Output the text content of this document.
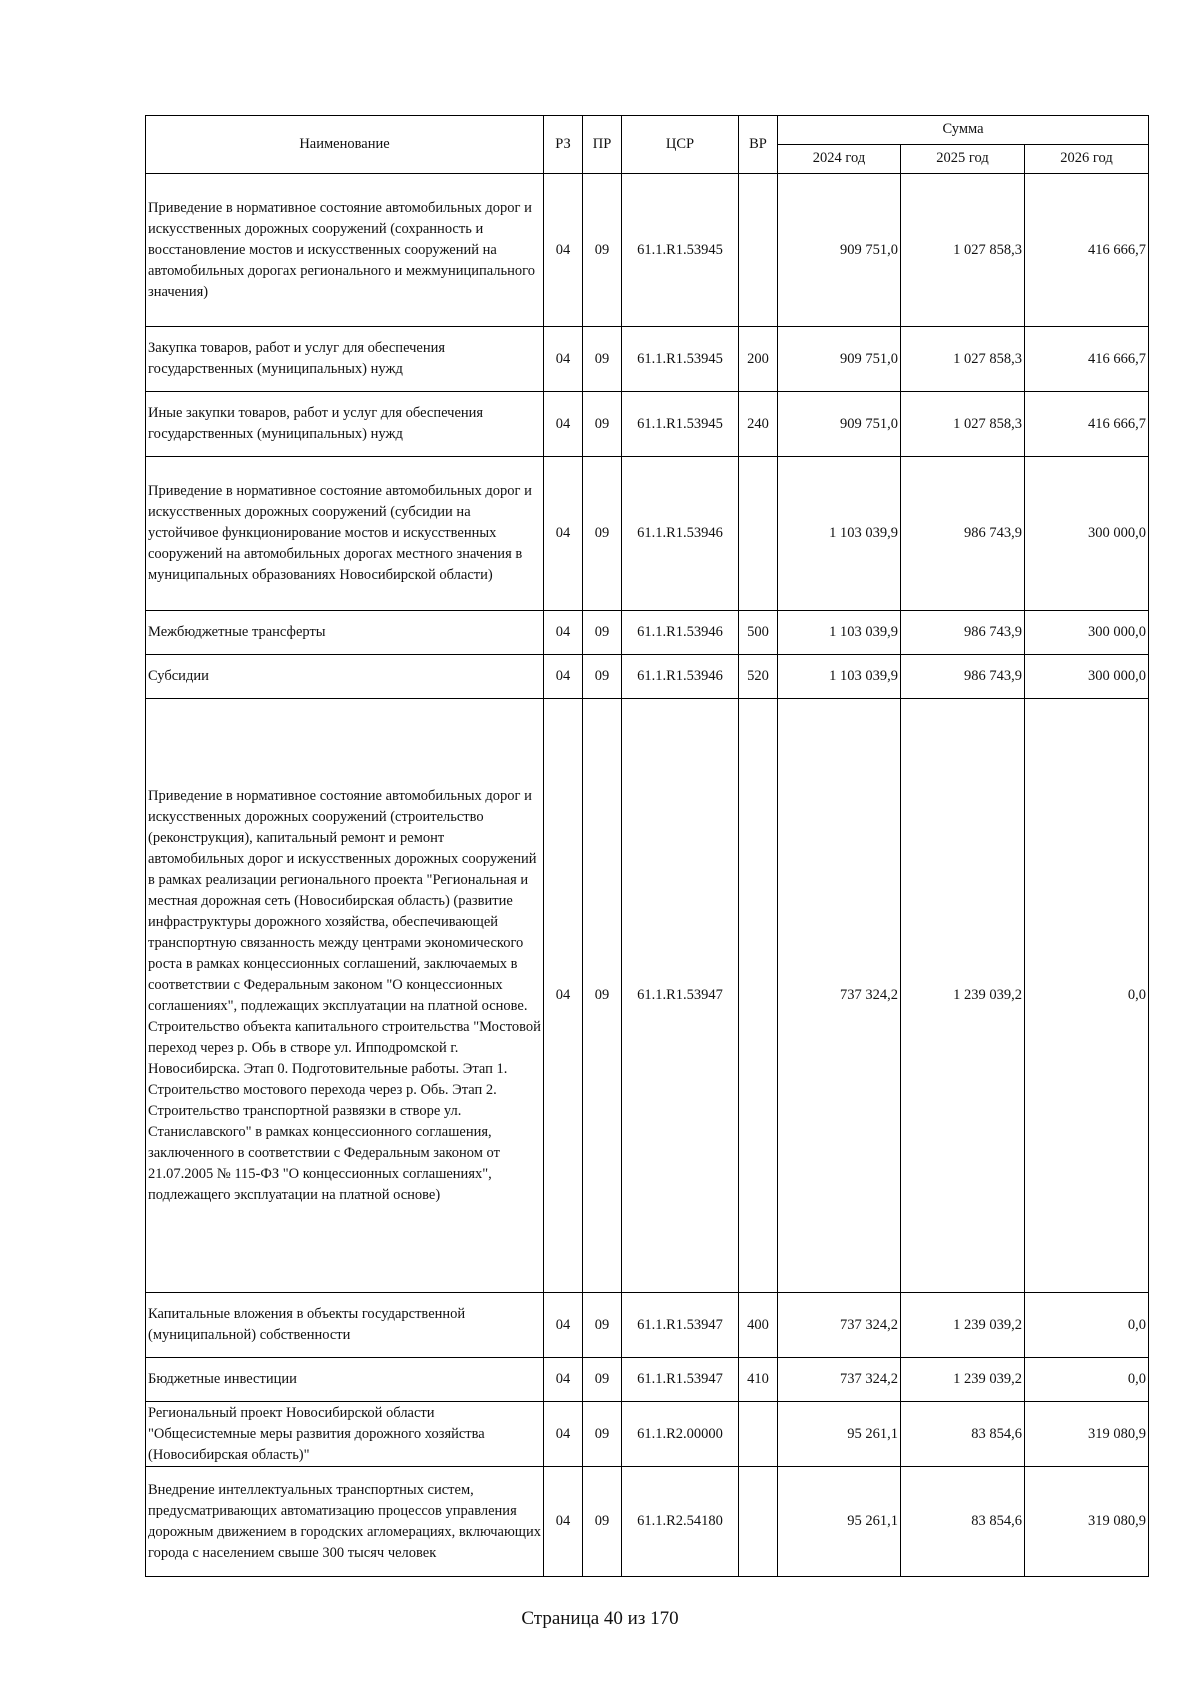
Наименование	РЗ	ПР	ЦСР	ВР	Сумма		
					2024 год	2025 год	2026 год
Приведение в нормативное состояние автомобильных дорог и искусственных дорожных сооружений (сохранность и восстановление мостов и искусственных сооружений на автомобильных дорогах регионального и межмуниципального значения)	04	09	61.1.R1.53945		909 751,0	1 027 858,3	416 666,7
Закупка товаров, работ и услуг для обеспечения государственных (муниципальных) нужд	04	09	61.1.R1.53945	200	909 751,0	1 027 858,3	416 666,7
Иные закупки товаров, работ и услуг для обеспечения государственных (муниципальных) нужд	04	09	61.1.R1.53945	240	909 751,0	1 027 858,3	416 666,7
Приведение в нормативное состояние автомобильных дорог и искусственных дорожных сооружений (субсидии на устойчивое функционирование мостов и искусственных сооружений на автомобильных дорогах местного значения в муниципальных образованиях Новосибирской области)	04	09	61.1.R1.53946		1 103 039,9	986 743,9	300 000,0
Межбюджетные трансферты	04	09	61.1.R1.53946	500	1 103 039,9	986 743,9	300 000,0
Субсидии	04	09	61.1.R1.53946	520	1 103 039,9	986 743,9	300 000,0
Приведение в нормативное состояние автомобильных дорог и искусственных дорожных сооружений (строительство (реконструкция), капитальный ремонт и ремонт автомобильных дорог и искусственных дорожных сооружений в рамках реализации регионального проекта "Региональная и местная дорожная сеть (Новосибирская область) (развитие инфраструктуры дорожного хозяйства, обеспечивающей транспортную связанность между центрами экономического роста в рамках концессионных соглашений, заключаемых в соответствии с Федеральным законом "О концессионных соглашениях", подлежащих эксплуатации на платной основе. Строительство объекта капитального строительства "Мостовой переход через р. Обь в створе ул. Ипподромской г. Новосибирска. Этап 0. Подготовительные работы. Этап 1. Строительство мостового перехода через р. Обь. Этап 2. Строительство транспортной развязки в створе ул. Станиславского" в рамках концессионного соглашения, заключенного в соответствии с Федеральным законом от 21.07.2005 № 115-ФЗ "О концессионных соглашениях", подлежащего эксплуатации на платной основе)	04	09	61.1.R1.53947		737 324,2	1 239 039,2	0,0
Капитальные вложения в объекты государственной (муниципальной) собственности	04	09	61.1.R1.53947	400	737 324,2	1 239 039,2	0,0
Бюджетные инвестиции	04	09	61.1.R1.53947	410	737 324,2	1 239 039,2	0,0
Региональный проект Новосибирской области "Общесистемные меры развития дорожного хозяйства (Новосибирская область)"	04	09	61.1.R2.00000		95 261,1	83 854,6	319 080,9
Внедрение интеллектуальных транспортных систем, предусматривающих автоматизацию процессов управления дорожным движением в городских агломерациях, включающих города с населением свыше 300 тысяч человек	04	09	61.1.R2.54180		95 261,1	83 854,6	319 080,9
Страница 40 из 170
